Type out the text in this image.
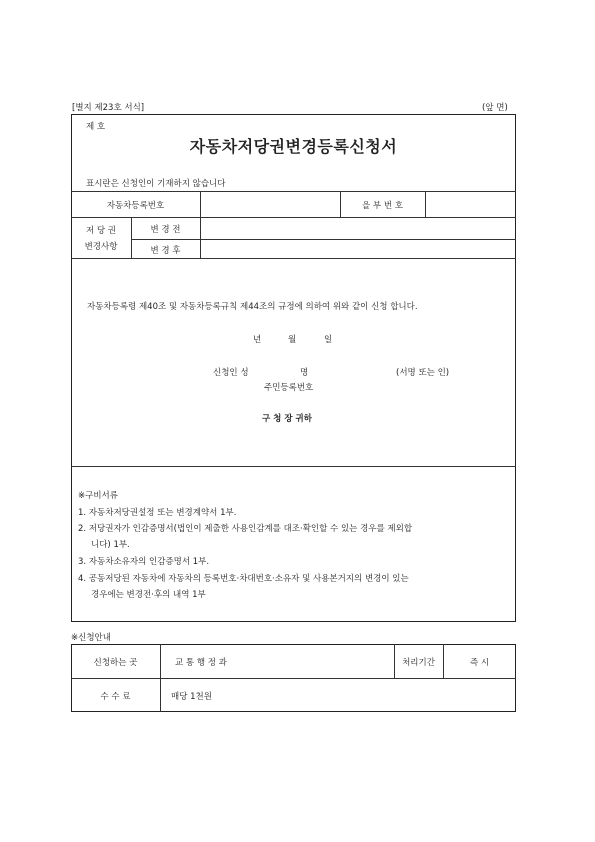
[별지 제23호 서식]	(앞 면)
제 호
자동차저당권변경등록신청서
표시란은 신청인이 기재하지 않습니다
자동차등록번호	을 부 번 호
저 당 권
변경사항
변 경 전
변 경 후
자동차등록령 제40조 및 자동차등록규칙 제44조의 규정에 의하여 위와 같이 신청 합니다.
년	월	일
신청인 성	명	(서명 또는 인)
주민등록번호
구 청 장 귀하
※구비서류
1. 자동차저당권설정 또는 변경계약서 1부.
2. 저당권자가 인감증명서(법인이 제출한 사용인감계를 대조·확인할 수 있는 경우를 제외합
니다) 1부.
3. 자동차소유자의 인감증명서 1부.
4. 공동저당된 자동차에 자동차의 등록번호·차대번호·소유자 및 사용본거지의 변경이 있는
경우에는 변경전·후의 내역 1부
※신청안내
신청하는 곳	교 통 행 정 과	처리기간	즉 시
수 수 료	매당 1천원
